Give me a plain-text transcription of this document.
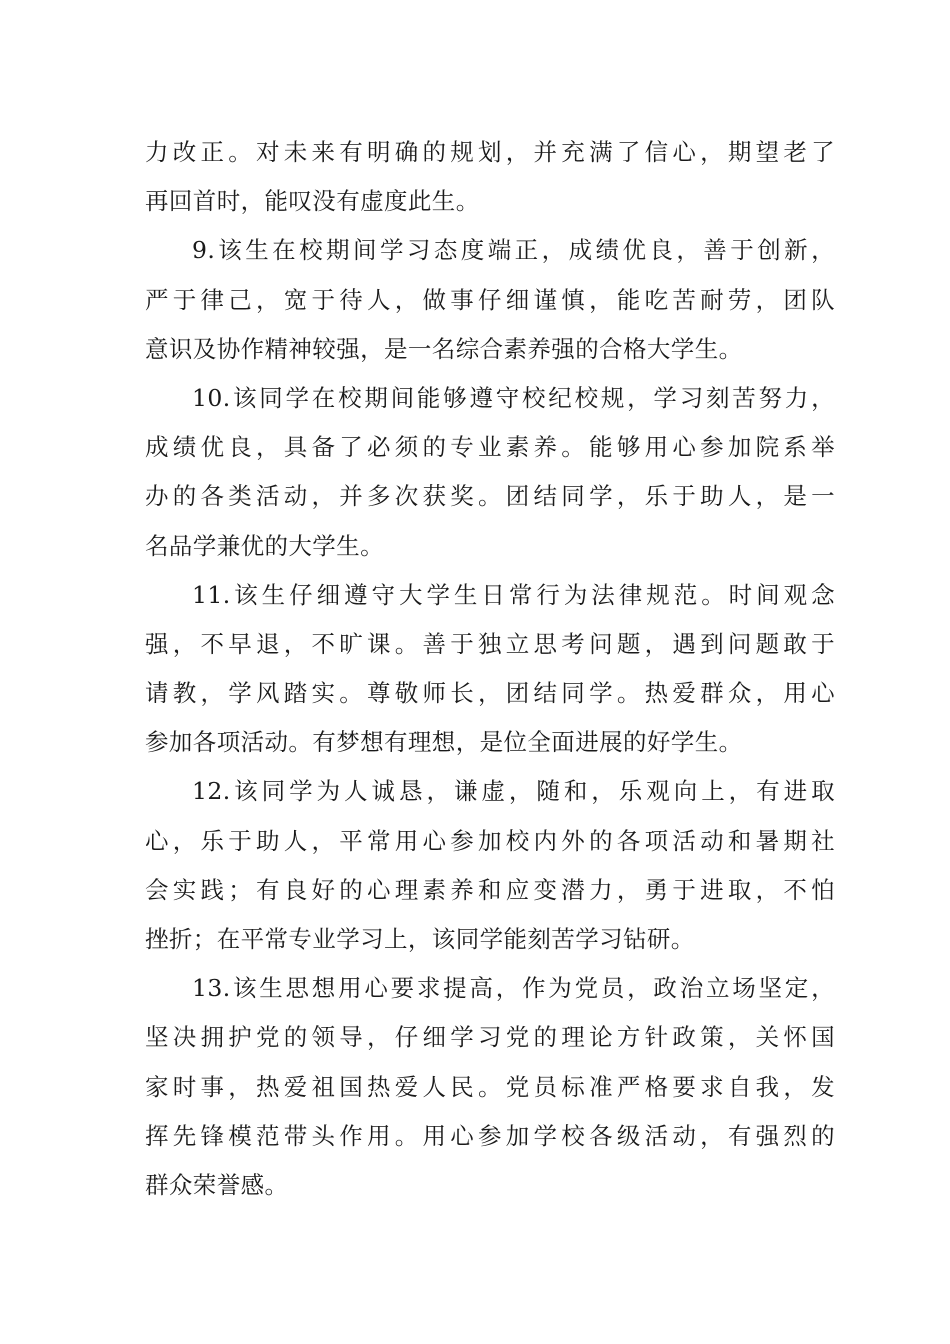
力改正。对未来有明确的规划，并充满了信心，期望老了
再回首时，能叹没有虚度此生。
9.该生在校期间学习态度端正，成绩优良，善于创新，
严于律己，宽于待人，做事仔细谨慎，能吃苦耐劳，团队
意识及协作精神较强，是一名综合素养强的合格大学生。
10.该同学在校期间能够遵守校纪校规，学习刻苦努力，
成绩优良，具备了必须的专业素养。能够用心参加院系举
办的各类活动，并多次获奖。团结同学，乐于助人，是一
名品学兼优的大学生。
11.该生仔细遵守大学生日常行为法律规范。时间观念
强，不早退，不旷课。善于独立思考问题，遇到问题敢于
请教，学风踏实。尊敬师长，团结同学。热爱群众，用心
参加各项活动。有梦想有理想，是位全面进展的好学生。
12.该同学为人诚恳，谦虚，随和，乐观向上，有进取
心，乐于助人，平常用心参加校内外的各项活动和暑期社
会实践；有良好的心理素养和应变潜力，勇于进取，不怕
挫折；在平常专业学习上，该同学能刻苦学习钻研。
13.该生思想用心要求提高，作为党员，政治立场坚定，
坚决拥护党的领导，仔细学习党的理论方针政策，关怀国
家时事，热爱祖国热爱人民。党员标准严格要求自我，发
挥先锋模范带头作用。用心参加学校各级活动，有强烈的
群众荣誉感。
